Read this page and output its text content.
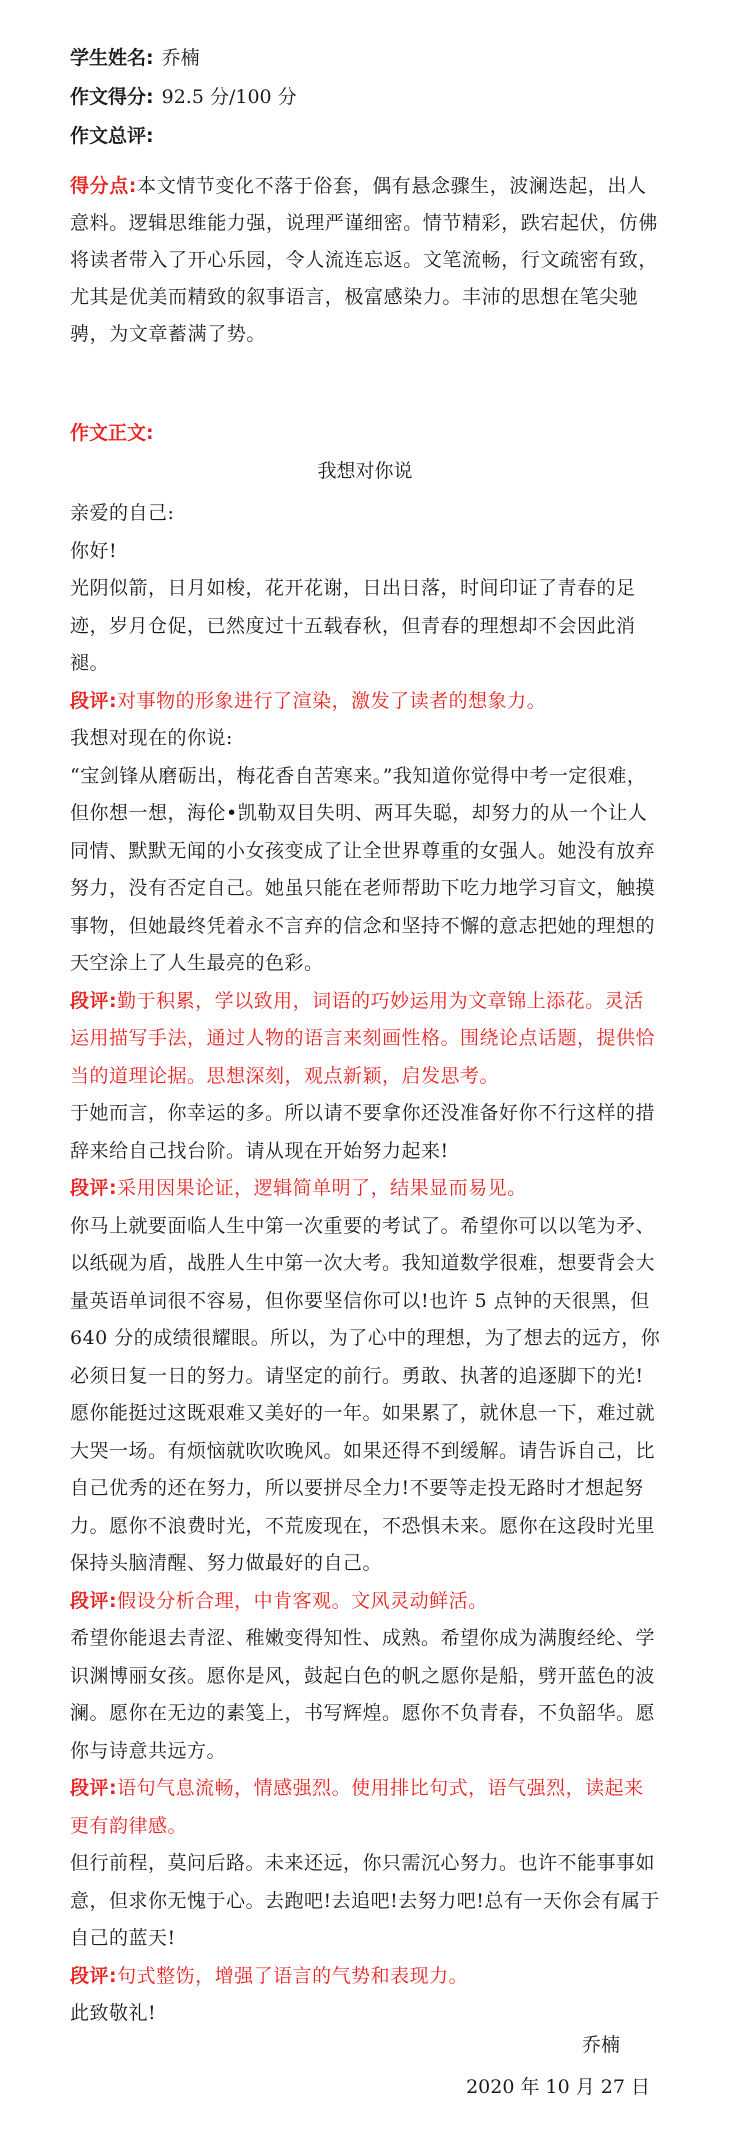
学生姓名: 乔楠
作文得分: 92.5 分/100 分
作文总评:
得分点:本文情节变化不落于俗套，偶有悬念骤生，波澜迭起，出人意料。逻辑思维能力强，说理严谨细密。情节精彩，跌宕起伏，仿佛将读者带入了开心乐园，令人流连忘返。文笔流畅，行文疏密有致，尤其是优美而精致的叙事语言，极富感染力。丰沛的思想在笔尖驰骋，为文章蓄满了势。
作文正文:
我想对你说
亲爱的自己:
你好!
光阴似箭，日月如梭，花开花谢，日出日落，时间印证了青春的足迹，岁月仓促，已然度过十五载春秋，但青春的理想却不会因此消褪。
段评:对事物的形象进行了渲染，激发了读者的想象力。
我想对现在的你说:
“宝剑锋从磨砺出，梅花香自苦寒来。”我知道你觉得中考一定很难，但你想一想，海伦•凯勒双目失明、两耳失聪，却努力的从一个让人同情、默默无闻的小女孩变成了让全世界尊重的女强人。她没有放弃努力，没有否定自己。她虽只能在老师帮助下吃力地学习盲文，触摸事物，但她最终凭着永不言弃的信念和坚持不懈的意志把她的理想的天空涂上了人生最亮的色彩。
段评:勤于积累，学以致用，词语的巧妙运用为文章锦上添花。灵活运用描写手法，通过人物的语言来刻画性格。围绕论点话题，提供恰当的道理论据。思想深刻，观点新颖，启发思考。
于她而言，你幸运的多。所以请不要拿你还没准备好你不行这样的措辞来给自己找台阶。请从现在开始努力起来!
段评:采用因果论证，逻辑简单明了，结果显而易见。
你马上就要面临人生中第一次重要的考试了。希望你可以以笔为矛、以纸砚为盾，战胜人生中第一次大考。我知道数学很难，想要背会大量英语单词很不容易，但你要坚信你可以!也许 5 点钟的天很黑，但 640 分的成绩很耀眼。所以，为了心中的理想，为了想去的远方，你必须日复一日的努力。请坚定的前行。勇敢、执著的追逐脚下的光!愿你能挺过这既艰难又美好的一年。如果累了，就休息一下，难过就大哭一场。有烦恼就吹吹晚风。如果还得不到缓解。请告诉自己，比自己优秀的还在努力，所以要拼尽全力!不要等走投无路时才想起努力。愿你不浪费时光，不荒废现在，不恐惧未来。愿你在这段时光里保持头脑清醒、努力做最好的自己。
段评:假设分析合理，中肯客观。文风灵动鲜活。
希望你能退去青涩、稚嫩变得知性、成熟。希望你成为满腹经纶、学识渊博丽女孩。愿你是风，鼓起白色的帆之愿你是船，劈开蓝色的波澜。愿你在无边的素笺上，书写辉煌。愿你不负青春，不负韶华。愿你与诗意共远方。
段评:语句气息流畅，情感强烈。使用排比句式，语气强烈，读起来更有韵律感。
但行前程，莫问后路。未来还远，你只需沉心努力。也许不能事事如意，但求你无愧于心。去跑吧!去追吧!去努力吧!总有一天你会有属于自己的蓝天!
段评:句式整饬，增强了语言的气势和表现力。
此致敬礼!
乔楠
2020 年 10 月 27 日
